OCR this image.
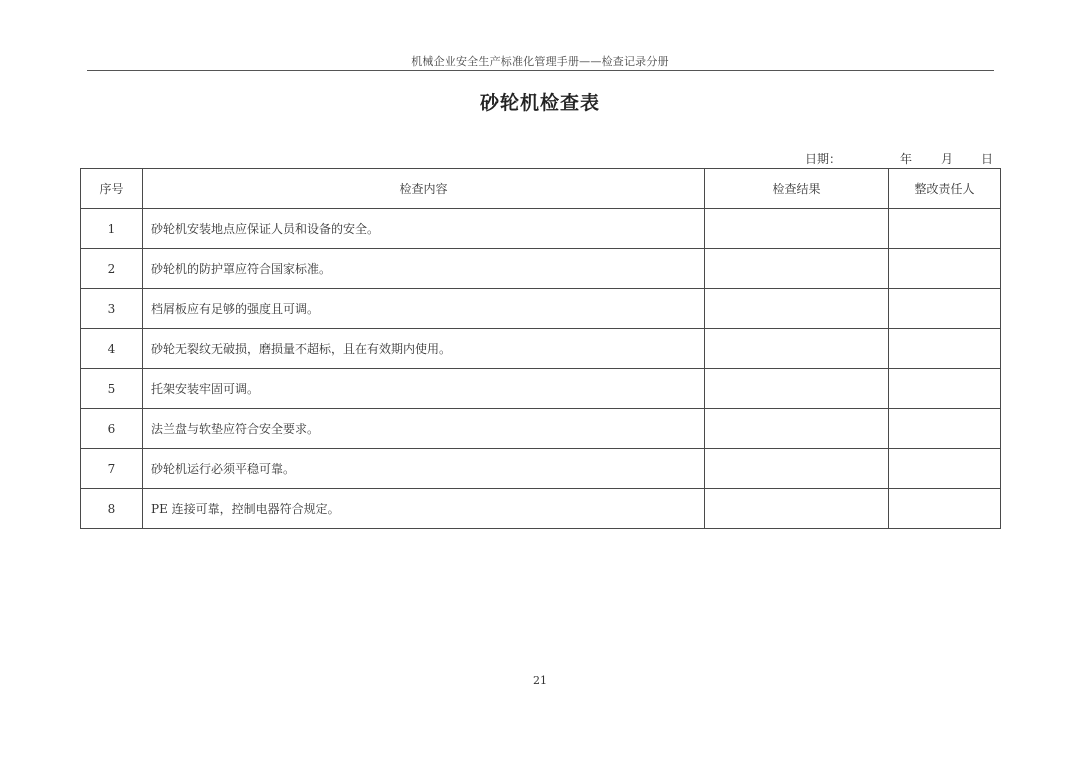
机械企业安全生产标准化管理手册——检查记录分册
砂轮机检查表
日期：	年 月 日
序号	检查内容	检查结果	整改责任人
1	砂轮机安装地点应保证人员和设备的安全。		
2	砂轮机的防护罩应符合国家标准。		
3	档屑板应有足够的强度且可调。		
4	砂轮无裂纹无破损，磨损量不超标，且在有效期内使用。		
5	托架安装牢固可调。		
6	法兰盘与软垫应符合安全要求。		
7	砂轮机运行必须平稳可靠。		
8	PE 连接可靠，控制电器符合规定。		
21
